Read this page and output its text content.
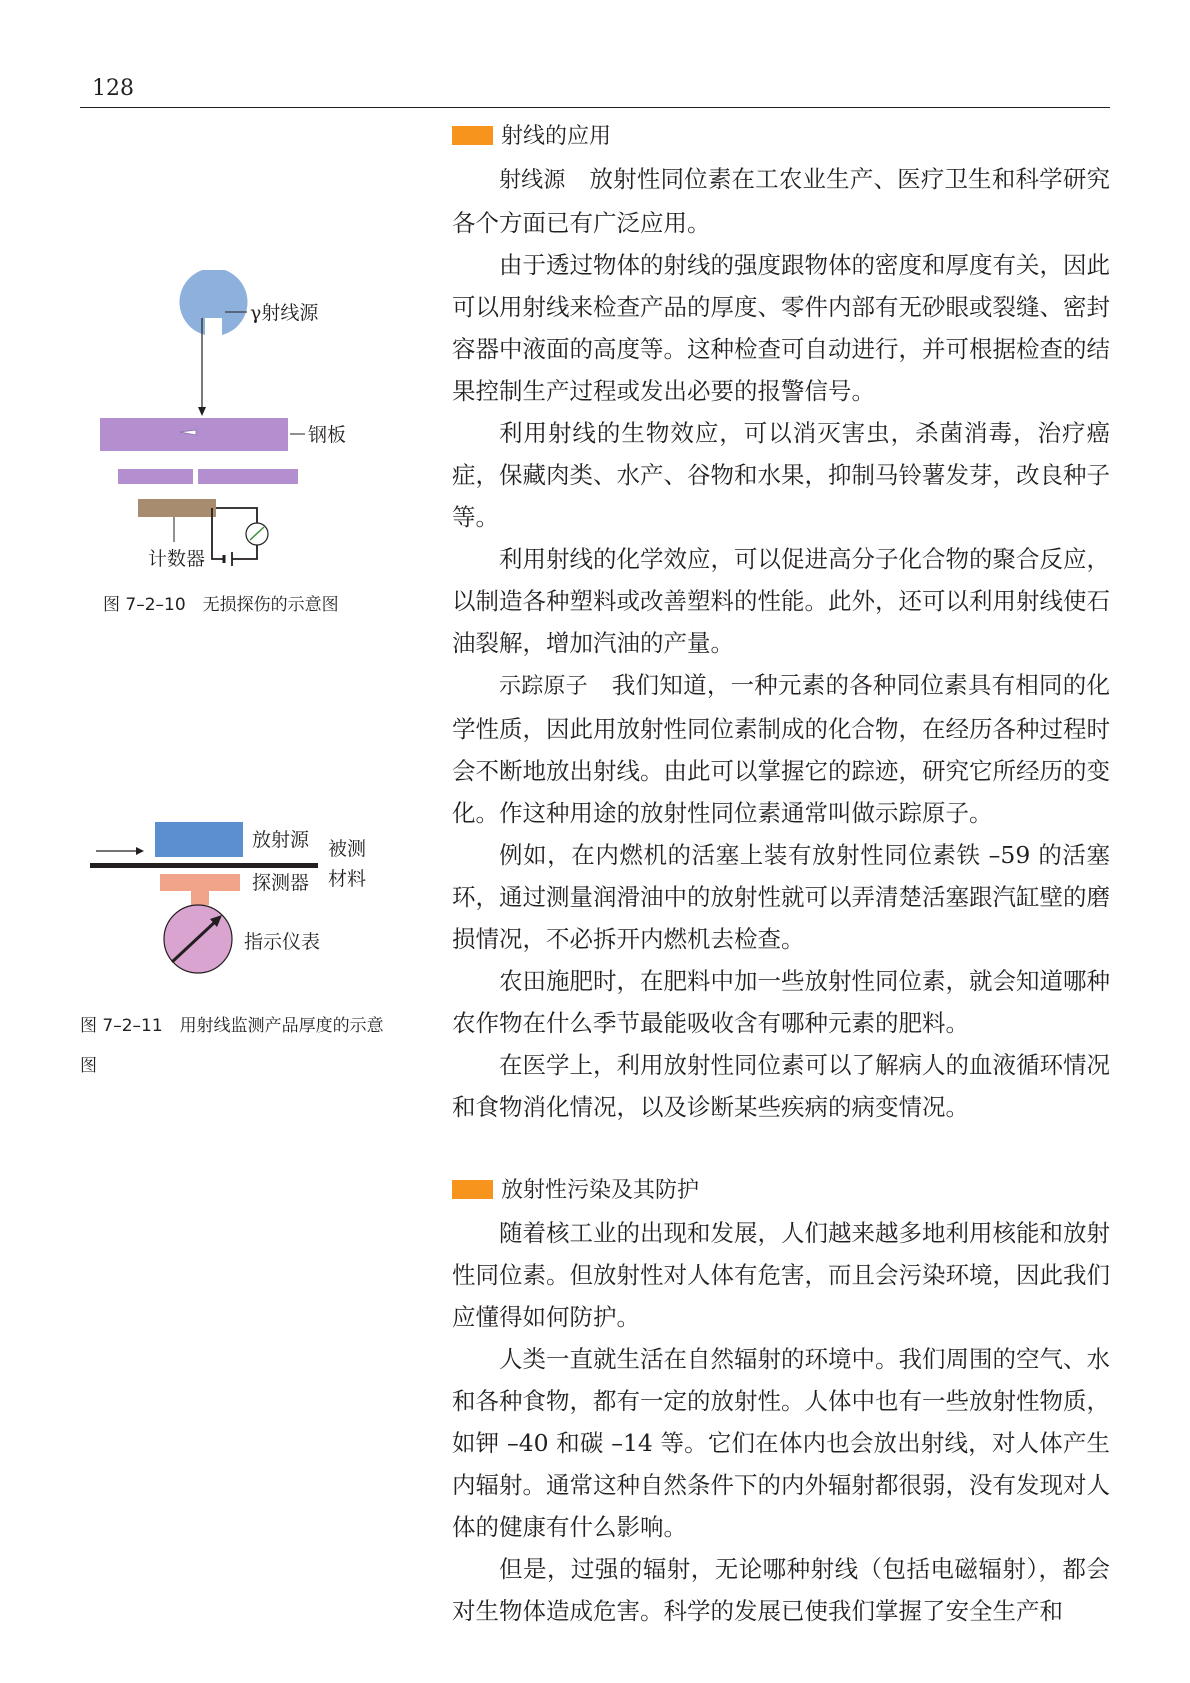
128
γ射线源
钢板
计数器
图 7–2–10　无损探伤的示意图
放射源 被测
材料
探测器
指示仪表
图 7–2–11　用射线监测产品厚度的示意图
射线的应用

射线源 放射性同位素在工农业生产、医疗卫生和科学研究各个方面已有广泛应用。

由于透过物体的射线的强度跟物体的密度和厚度有关，因此可以用射线来检查产品的厚度、零件内部有无砂眼或裂缝、密封容器中液面的高度等。这种检查可自动进行，并可根据检查的结果控制生产过程或发出必要的报警信号。

利用射线的生物效应，可以消灭害虫，杀菌消毒，治疗癌症，保藏肉类、水产、谷物和水果，抑制马铃薯发芽，改良种子等。

利用射线的化学效应，可以促进高分子化合物的聚合反应，以制造各种塑料或改善塑料的性能。此外，还可以利用射线使石油裂解，增加汽油的产量。

示踪原子 我们知道，一种元素的各种同位素具有相同的化学性质，因此用放射性同位素制成的化合物，在经历各种过程时会不断地放出射线。由此可以掌握它的踪迹，研究它所经历的变化。作这种用途的放射性同位素通常叫做示踪原子。

例如，在内燃机的活塞上装有放射性同位素铁 –59 的活塞环，通过测量润滑油中的放射性就可以弄清楚活塞跟汽缸壁的磨损情况，不必拆开内燃机去检查。

农田施肥时，在肥料中加一些放射性同位素，就会知道哪种农作物在什么季节最能吸收含有哪种元素的肥料。

在医学上，利用放射性同位素可以了解病人的血液循环情况和食物消化情况，以及诊断某些疾病的病变情况。

放射性污染及其防护

随着核工业的出现和发展，人们越来越多地利用核能和放射性同位素。但放射性对人体有危害，而且会污染环境，因此我们应懂得如何防护。

人类一直就生活在自然辐射的环境中。我们周围的空气、水和各种食物，都有一定的放射性。人体中也有一些放射性物质，如钾 –40 和碳 –14 等。它们在体内也会放出射线，对人体产生内辐射。通常这种自然条件下的内外辐射都很弱，没有发现对人体的健康有什么影响。

但是，过强的辐射，无论哪种射线（包括电磁辐射），都会对生物体造成危害。科学的发展已使我们掌握了安全生产和
